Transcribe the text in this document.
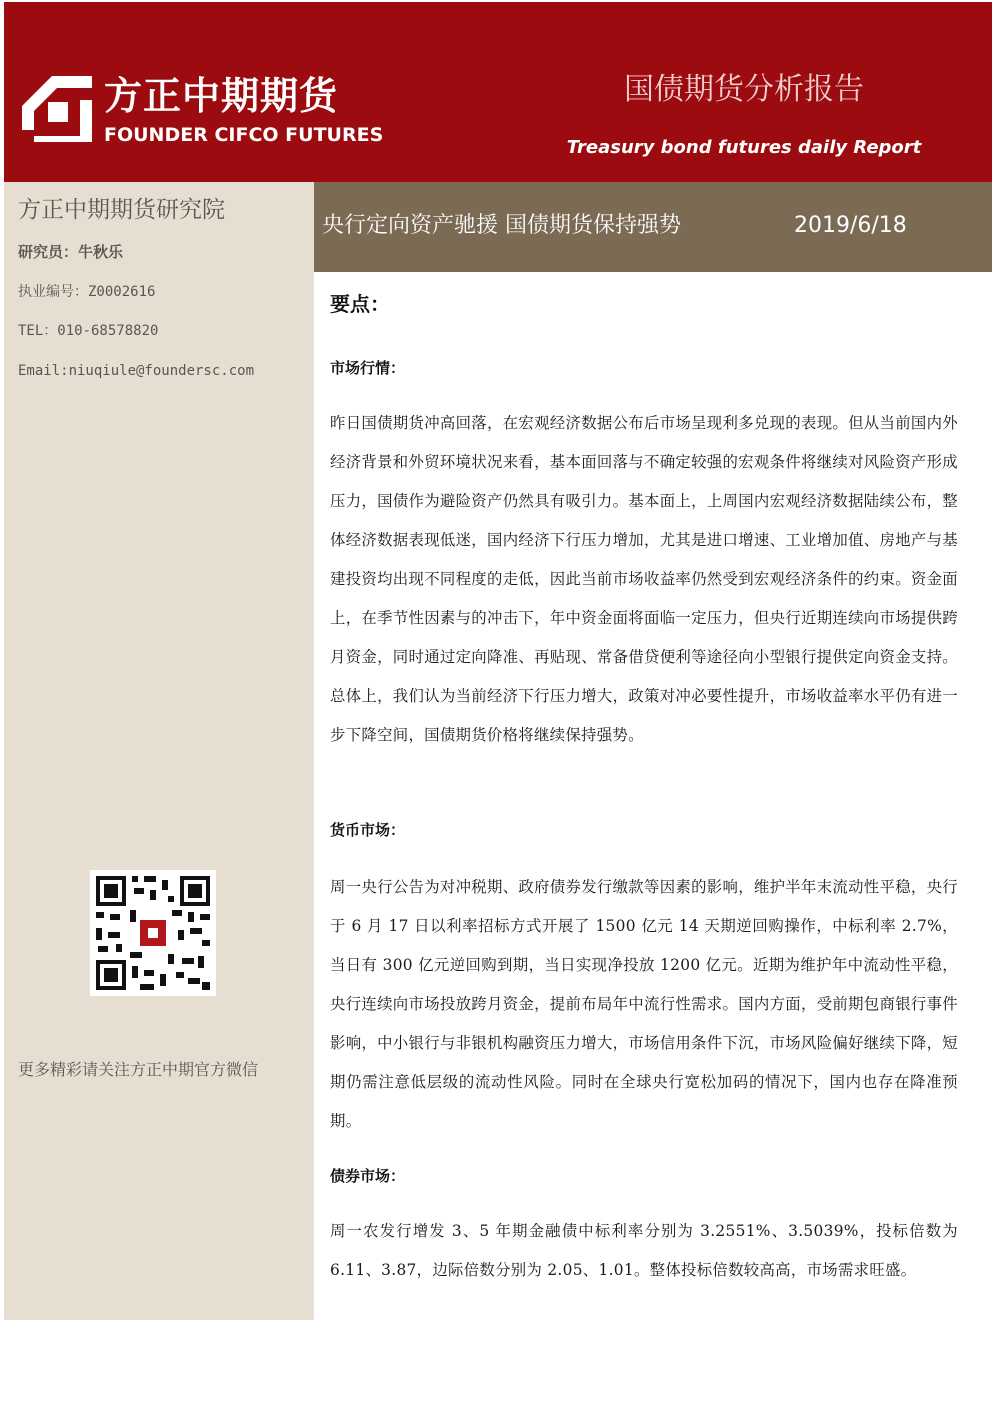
方正中期期货
FOUNDER CIFCO FUTURES
国债期货分析报告
Treasury bond futures daily Report
方正中期期货研究院
研究员：牛秋乐
执业编号：Z0002616
TEL：010-68578820
Email:niuqiule@foundersc.com
更多精彩请关注方正中期官方微信
央行定向资产驰援 国债期货保持强势	2019/6/18
要点：
市场行情：

昨日国债期货冲高回落，在宏观经济数据公布后市场呈现利多兑现的表现。但从当前国内外经济背景和外贸环境状况来看，基本面回落与不确定较强的宏观条件将继续对风险资产形成压力，国债作为避险资产仍然具有吸引力。基本面上，上周国内宏观经济数据陆续公布，整体经济数据表现低迷，国内经济下行压力增加，尤其是进口增速、工业增加值、房地产与基建投资均出现不同程度的走低，因此当前市场收益率仍然受到宏观经济条件的约束。资金面上，在季节性因素与的冲击下，年中资金面将面临一定压力，但央行近期连续向市场提供跨月资金，同时通过定向降准、再贴现、常备借贷便利等途径向小型银行提供定向资金支持。总体上，我们认为当前经济下行压力增大，政策对冲必要性提升，市场收益率水平仍有进一步下降空间，国债期货价格将继续保持强势。

货币市场：

周一央行公告为对冲税期、政府债券发行缴款等因素的影响，维护半年末流动性平稳，央行于 6 月 17 日以利率招标方式开展了 1500 亿元 14 天期逆回购操作，中标利率 2.7%，当日有 300 亿元逆回购到期，当日实现净投放 1200 亿元。近期为维护年中流动性平稳，央行连续向市场投放跨月资金，提前布局年中流行性需求。国内方面，受前期包商银行事件影响，中小银行与非银机构融资压力增大，市场信用条件下沉，市场风险偏好继续下降，短期仍需注意低层级的流动性风险。同时在全球央行宽松加码的情况下，国内也存在降准预期。

债券市场：

周一农发行增发 3、5 年期金融债中标利率分别为 3.2551%、3.5039%，投标倍数为 6.11、3.87，边际倍数分别为 2.05、1.01。整体投标倍数较高高，市场需求旺盛。
